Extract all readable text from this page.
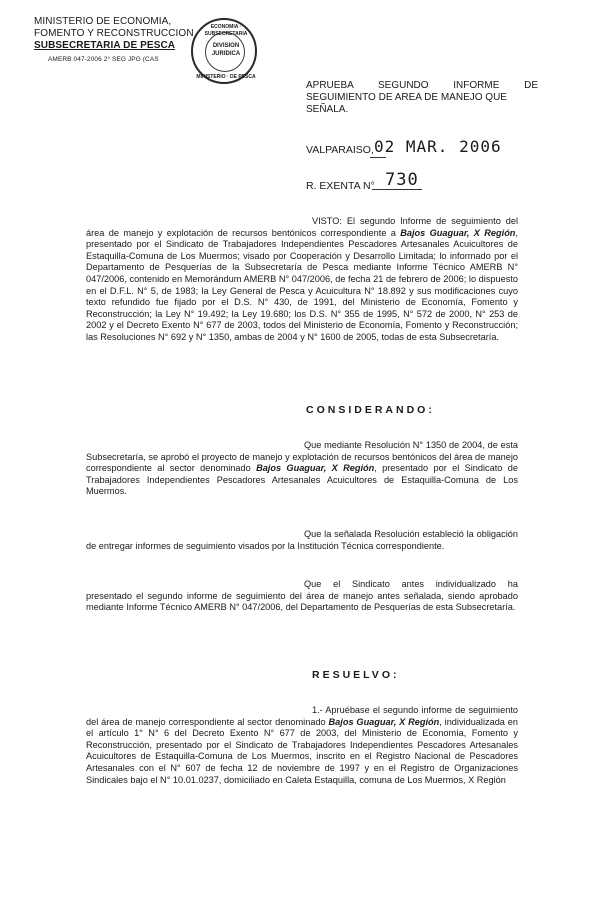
MINISTERIO DE ECONOMIA,
FOMENTO Y RECONSTRUCCION
SUBSECRETARIA DE PESCA
AMERB 047-2006 2° SEG JPG (CAS
ECONOMIA · SUBSECRETARIA
DIVISION
JURIDICA
MINISTERIO · DE PESCA
APRUEBA SEGUNDO INFORME DE
SEGUIMIENTO DE AREA DE MANEJO QUE
SEÑALA.
VALPARAISO, 02 MAR. 2006
R. EXENTA N° 730
VISTO: El segundo Informe de seguimiento del área de manejo y explotación de recursos bentónicos correspondiente a Bajos Guaguar, X Región, presentado por el Sindicato de Trabajadores Independientes Pescadores Artesanales Acuicultores de Estaquilla-Comuna de Los Muermos; visado por Cooperación y Desarrollo Limitada; lo informado por el Departamento de Pesquerías de la Subsecretaría de Pesca mediante Informe Técnico AMERB N° 047/2006, contenido en Memorándum AMERB N° 047/2006, de fecha 21 de febrero de 2006; lo dispuesto en el D.F.L. N° 5, de 1983; la Ley General de Pesca y Acuicultura N° 18.892 y sus modificaciones cuyo texto refundido fue fijado por el D.S. N° 430, de 1991, del Ministerio de Economía, Fomento y Reconstrucción; la Ley N° 19.492; la Ley 19.680; los D.S. N° 355 de 1995, N° 572 de 2000, N° 253 de 2002 y el Decreto Exento N° 677 de 2003, todos del Ministerio de Economía, Fomento y Reconstrucción; las Resoluciones N° 692 y N° 1350, ambas de 2004 y N° 1600 de 2005, todas de esta Subsecretaría.
CONSIDERANDO:
Que mediante Resolución N° 1350 de 2004, de esta Subsecretaría, se aprobó el proyecto de manejo y explotación de recursos bentónicos del área de manejo correspondiente al sector denominado Bajos Guaguar, X Región, presentado por el Sindicato de Trabajadores Independientes Pescadores Artesanales Acuicultores de Estaquilla-Comuna de Los Muermos.
Que la señalada Resolución estableció la obligación de entregar informes de seguimiento visados por la Institución Técnica correspondiente.
Que el Sindicato antes individualizado ha presentado el segundo informe de seguimiento del área de manejo antes señalada, siendo aprobado mediante Informe Técnico AMERB N° 047/2006, del Departamento de Pesquerías de esta Subsecretaría.
RESUELVO:
1.- Apruébase el segundo informe de seguimiento del área de manejo correspondiente al sector denominado Bajos Guaguar, X Región, individualizada en el artículo 1° N° 6 del Decreto Exento N° 677 de 2003, del Ministerio de Economía, Fomento y Reconstrucción, presentado por el Sindicato de Trabajadores Independientes Pescadores Artesanales Acuicultores de Estaquilla-Comuna de Los Muermos, inscrito en el Registro Nacional de Pescadores Artesanales con el N° 607 de fecha 12 de noviembre de 1997 y en el Registro de Organizaciones Sindicales bajo el N° 10.01.0237, domiciliado en Caleta Estaquilla, comuna de Los Muermos, X Región
